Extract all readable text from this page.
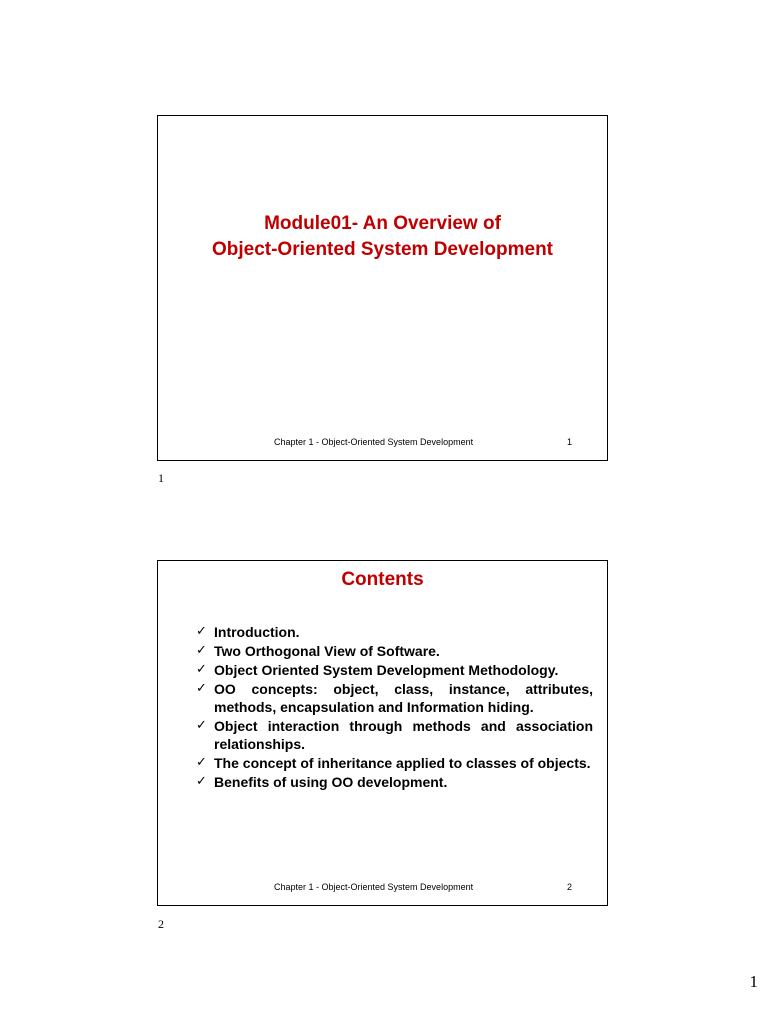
Module01- An Overview of
Object-Oriented System Development
Chapter 1 - Object-Oriented System Development	1
1
Contents
✓ Introduction.
✓ Two Orthogonal View of Software.
✓ Object Oriented System Development Methodology.
✓ OO concepts: object, class, instance, attributes, methods, encapsulation and Information hiding.
✓ Object interaction through methods and association relationships.
✓ The concept of inheritance applied to classes of objects.
✓ Benefits of using OO development.
Chapter 1 - Object-Oriented System Development	2
2
1
